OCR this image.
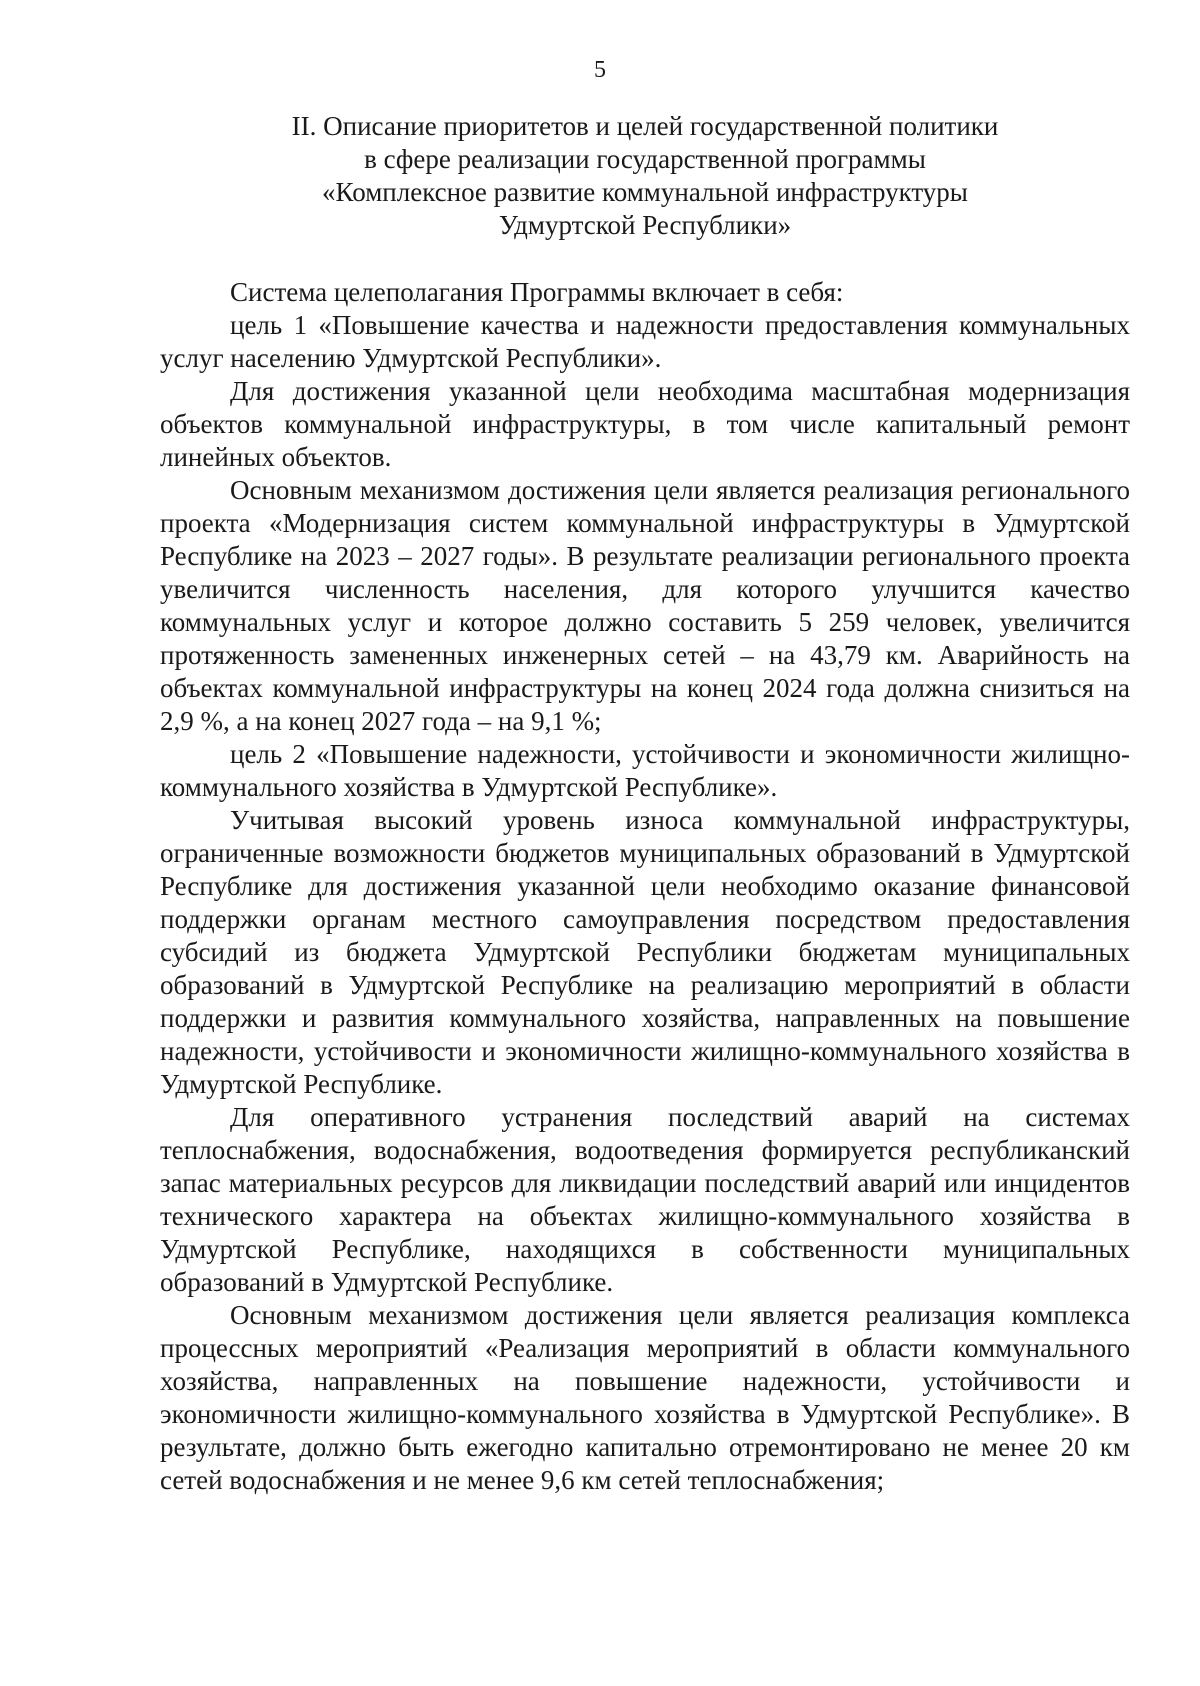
5
II. Описание приоритетов и целей государственной политики
в сфере реализации государственной программы
«Комплексное развитие коммунальной инфраструктуры
Удмуртской Республики»

Система целеполагания Программы включает в себя:

цель 1 «Повышение качества и надежности предоставления коммунальных услуг населению Удмуртской Республики».

Для достижения указанной цели необходима масштабная модернизация объектов коммунальной инфраструктуры, в том числе капитальный ремонт линейных объектов.

Основным механизмом достижения цели является реализация регионального проекта «Модернизация систем коммунальной инфраструктуры в Удмуртской Республике на 2023 – 2027 годы». В результате реализации регионального проекта увеличится численность населения, для которого улучшится качество коммунальных услуг и которое должно составить 5 259 человек, увеличится протяженность замененных инженерных сетей – на 43,79 км. Аварийность на объектах коммунальной инфраструктуры на конец 2024 года должна снизиться на 2,9 %, а на конец 2027 года – на 9,1 %;

цель 2 «Повышение надежности, устойчивости и экономичности жилищно-коммунального хозяйства в Удмуртской Республике».

Учитывая высокий уровень износа коммунальной инфраструктуры, ограниченные возможности бюджетов муниципальных образований в Удмуртской Республике для достижения указанной цели необходимо оказание финансовой поддержки органам местного самоуправления посредством предоставления субсидий из бюджета Удмуртской Республики бюджетам муниципальных образований в Удмуртской Республике на реализацию мероприятий в области поддержки и развития коммунального хозяйства, направленных на повышение надежности, устойчивости и экономичности жилищно-коммунального хозяйства в Удмуртской Республике.

Для оперативного устранения последствий аварий на системах теплоснабжения, водоснабжения, водоотведения формируется республиканский запас материальных ресурсов для ликвидации последствий аварий или инцидентов технического характера на объектах жилищно-коммунального хозяйства в Удмуртской Республике, находящихся в собственности муниципальных образований в Удмуртской Республике.

Основным механизмом достижения цели является реализация комплекса процессных мероприятий «Реализация мероприятий в области коммунального хозяйства, направленных на повышение надежности, устойчивости и экономичности жилищно-коммунального хозяйства в Удмуртской Республике». В результате, должно быть ежегодно капитально отремонтировано не менее 20 км сетей водоснабжения и не менее 9,6 км сетей теплоснабжения;
